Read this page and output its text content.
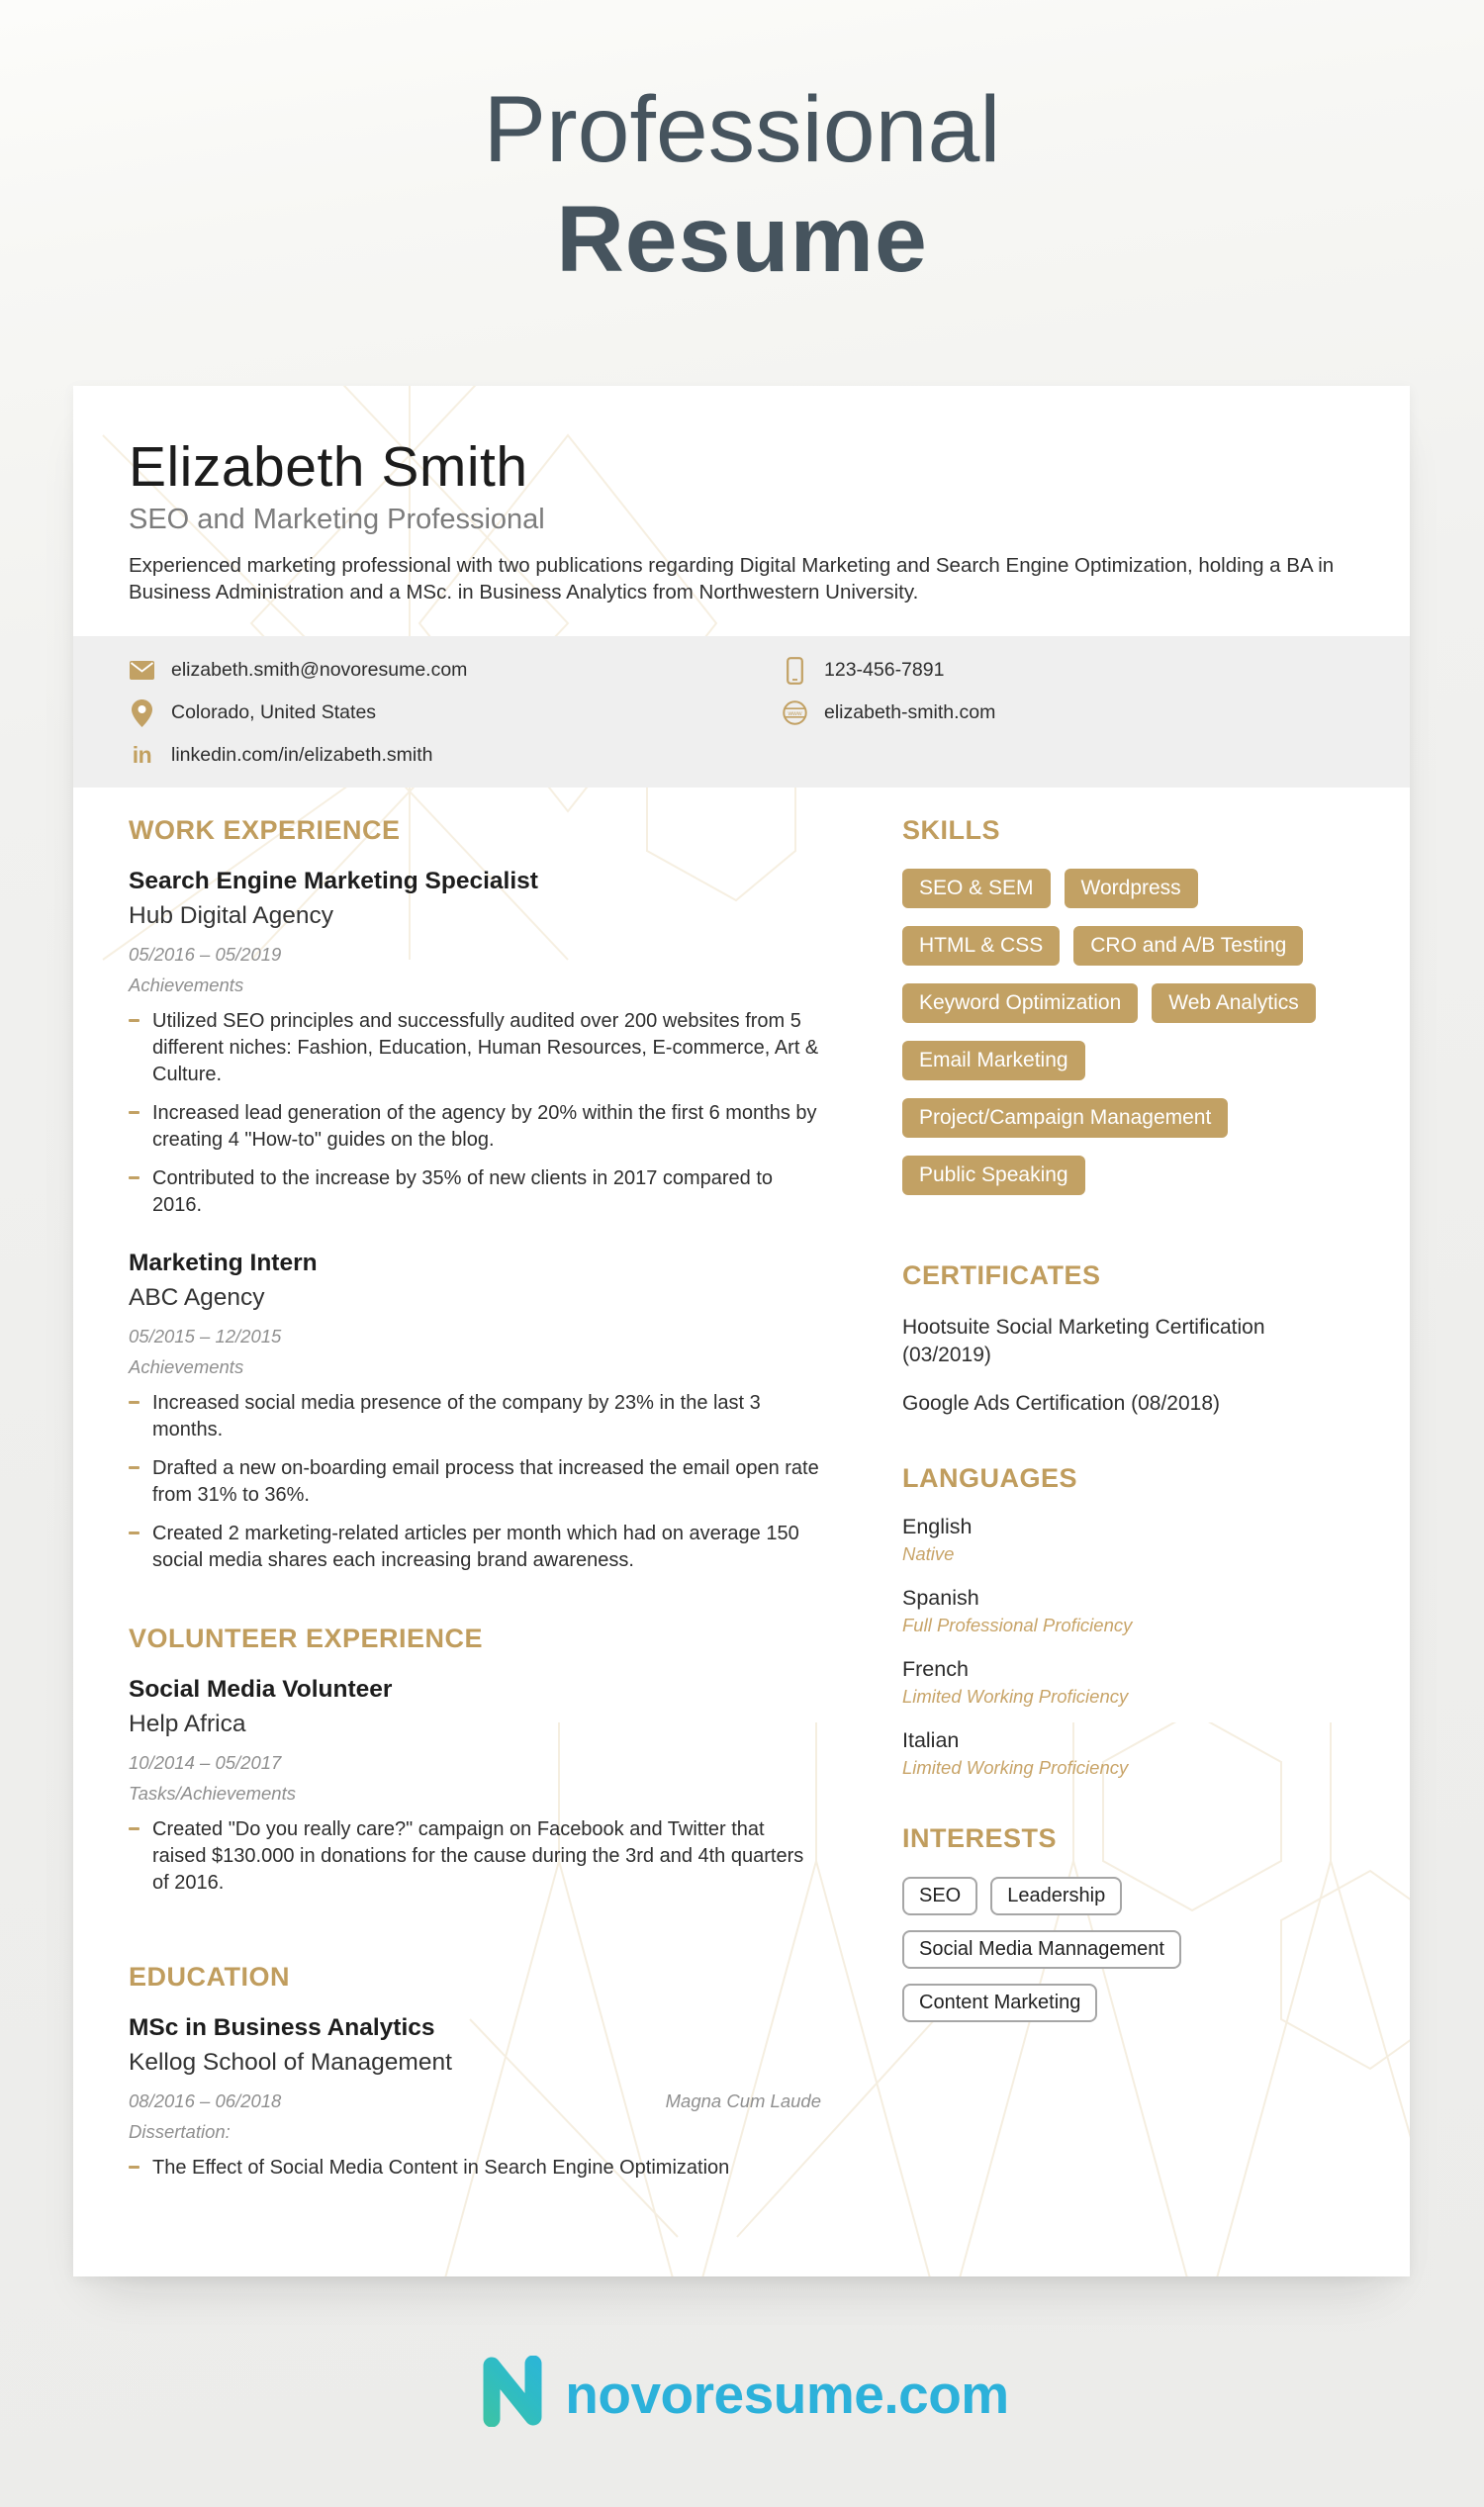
Professional
Resume
Elizabeth Smith
SEO and Marketing Professional
Experienced marketing professional with two publications regarding Digital Marketing and Search Engine Optimization, holding a BA in Business Administration and a MSc. in Business Analytics from Northwestern University.
elizabeth.smith@novoresume.com
Colorado, United States
in linkedin.com/in/elizabeth.smith
123-456-7891
www elizabeth-smith.com
WORK EXPERIENCE
Search Engine Marketing Specialist
Hub Digital Agency
05/2016 – 05/2019
Achievements
Utilized SEO principles and successfully audited over 200 websites from 5 different niches: Fashion, Education, Human Resources, E-commerce, Art & Culture.
Increased lead generation of the agency by 20% within the first 6 months by creating 4 "How-to" guides on the blog.
Contributed to the increase by 35% of new clients in 2017 compared to 2016.
Marketing Intern
ABC Agency
05/2015 – 12/2015
Achievements
Increased social media presence of the company by 23% in the last 3 months.
Drafted a new on-boarding email process that increased the email open rate from 31% to 36%.
Created 2 marketing-related articles per month which had on average 150 social media shares each increasing brand awareness.
VOLUNTEER EXPERIENCE
Social Media Volunteer
Help Africa
10/2014 – 05/2017
Tasks/Achievements
Created "Do you really care?" campaign on Facebook and Twitter that raised $130.000 in donations for the cause during the 3rd and 4th quarters of 2016.
EDUCATION
MSc in Business Analytics
Kellog School of Management
08/2016 – 06/2018	Magna Cum Laude
Dissertation:
The Effect of Social Media Content in Search Engine Optimization
SKILLS
SEO & SEM	Wordpress
HTML & CSS	CRO and A/B Testing
Keyword Optimization	Web Analytics
Email Marketing
Project/Campaign Management
Public Speaking
CERTIFICATES
Hootsuite Social Marketing Certification (03/2019)
Google Ads Certification (08/2018)
LANGUAGES
English
Native
Spanish
Full Professional Proficiency
French
Limited Working Proficiency
Italian
Limited Working Proficiency
INTERESTS
SEO	Leadership
Social Media Mannagement
Content Marketing
novoresume.com
